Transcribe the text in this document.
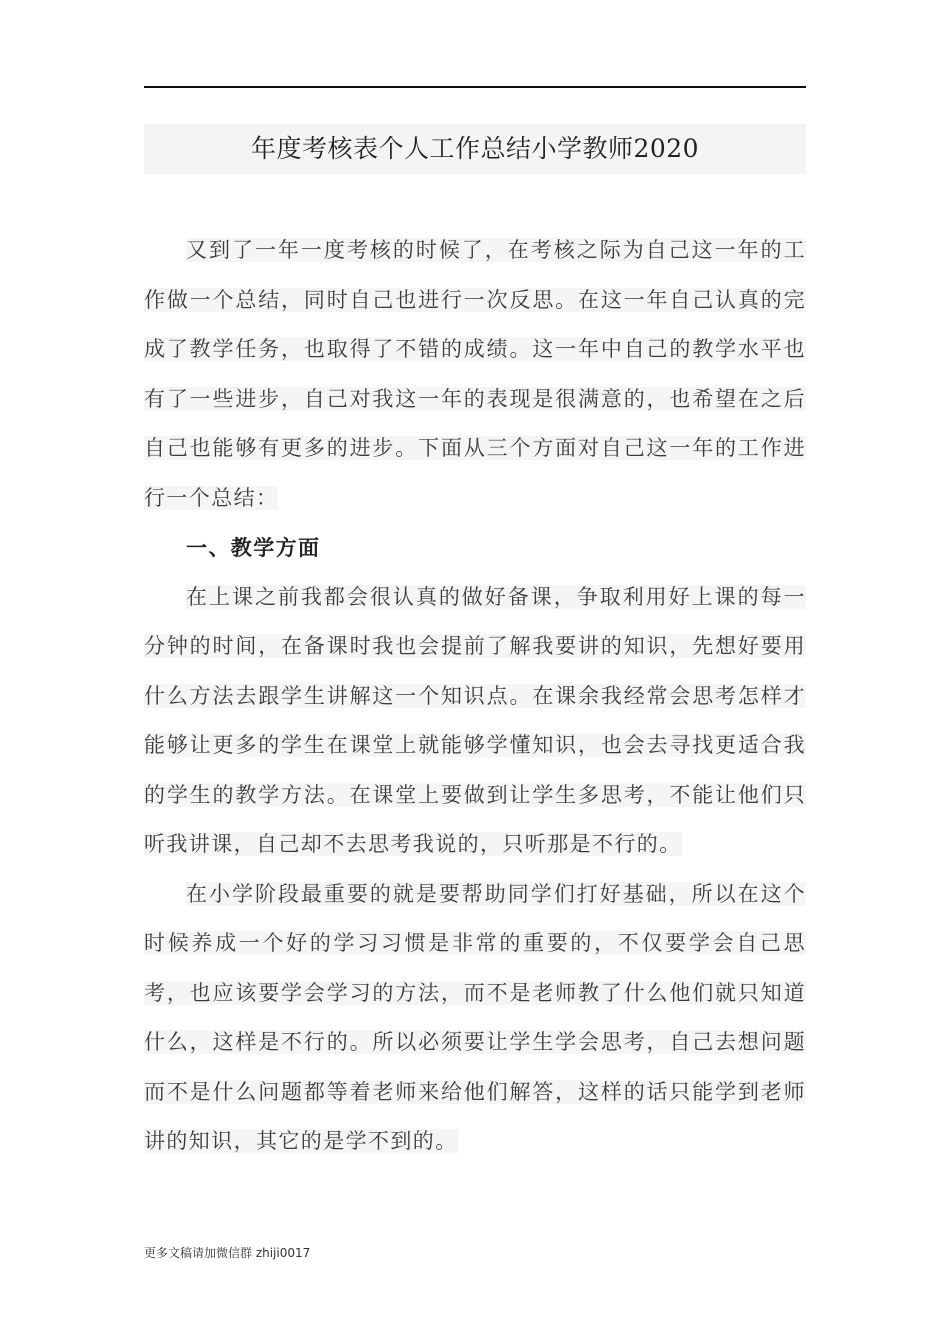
年度考核表个人工作总结小学教师2020

又到了一年一度考核的时候了，在考核之际为自己这一年的工作做一个总结，同时自己也进行一次反思。在这一年自己认真的完成了教学任务，也取得了不错的成绩。这一年中自己的教学水平也有了一些进步，自己对我这一年的表现是很满意的，也希望在之后自己也能够有更多的进步。下面从三个方面对自己这一年的工作进行一个总结：

一、教学方面

在上课之前我都会很认真的做好备课，争取利用好上课的每一分钟的时间，在备课时我也会提前了解我要讲的知识，先想好要用什么方法去跟学生讲解这一个知识点。在课余我经常会思考怎样才能够让更多的学生在课堂上就能够学懂知识，也会去寻找更适合我的学生的教学方法。在课堂上要做到让学生多思考，不能让他们只听我讲课，自己却不去思考我说的，只听那是不行的。

在小学阶段最重要的就是要帮助同学们打好基础，所以在这个时候养成一个好的学习习惯是非常的重要的，不仅要学会自己思考，也应该要学会学习的方法，而不是老师教了什么他们就只知道什么，这样是不行的。所以必须要让学生学会思考，自己去想问题而不是什么问题都等着老师来给他们解答，这样的话只能学到老师讲的知识，其它的是学不到的。

更多文稿请加微信群 zhiji0017
